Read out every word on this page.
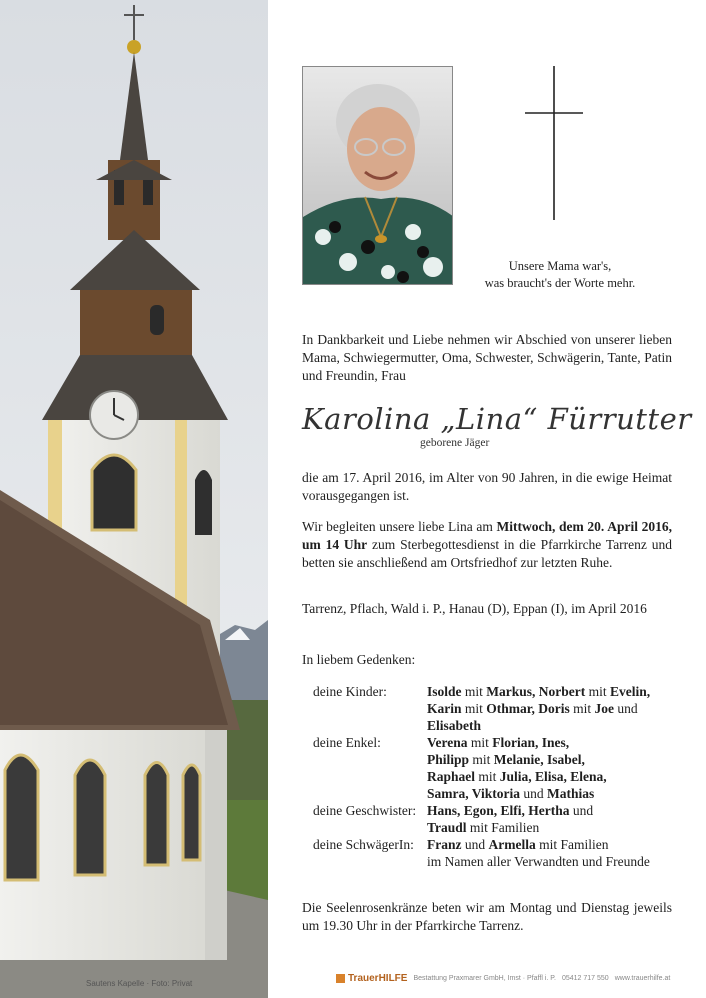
Sautens Kapelle · Foto: Privat
Unsere Mama war's,
was braucht's der Worte mehr.
In Dankbarkeit und Liebe nehmen wir Abschied von unserer lieben Mama, Schwiegermutter, Oma, Schwester, Schwägerin, Tante, Patin und Freundin, Frau
Karolina „Lina“ Fürrutter
geborene Jäger
die am 17. April 2016, im Alter von 90 Jahren, in die ewige Heimat vorausgegangen ist.
Wir begleiten unsere liebe Lina am Mittwoch, dem 20. April 2016, um 14 Uhr zum Sterbegottesdienst in die Pfarrkirche Tarrenz und betten sie anschließend am Ortsfriedhof zur letzten Ruhe.
Tarrenz, Pflach, Wald i. P., Hanau (D), Eppan (I), im April 2016
In liebem Gedenken:
deine Kinder:	Isolde mit Markus, Norbert mit Evelin,
Karin mit Othmar, Doris mit Joe und
Elisabeth
deine Enkel:	Verena mit Florian, Ines,
Philipp mit Melanie, Isabel,
Raphael mit Julia, Elisa, Elena,
Samra, Viktoria und Mathias
deine Geschwister: Hans, Egon, Elfi, Hertha und
Traudl mit Familien
deine SchwägerIn: Franz und Armella mit Familien
im Namen aller Verwandten und Freunde
Die Seelenrosenkränze beten wir am Montag und Dienstag jeweils um 19.30 Uhr in der Pfarrkirche Tarrenz.
TrauerHILFE Bestattung Praxmarer GmbH, Imst · Pfaffl i. P. 05412 717 550 www.trauerhilfe.at
